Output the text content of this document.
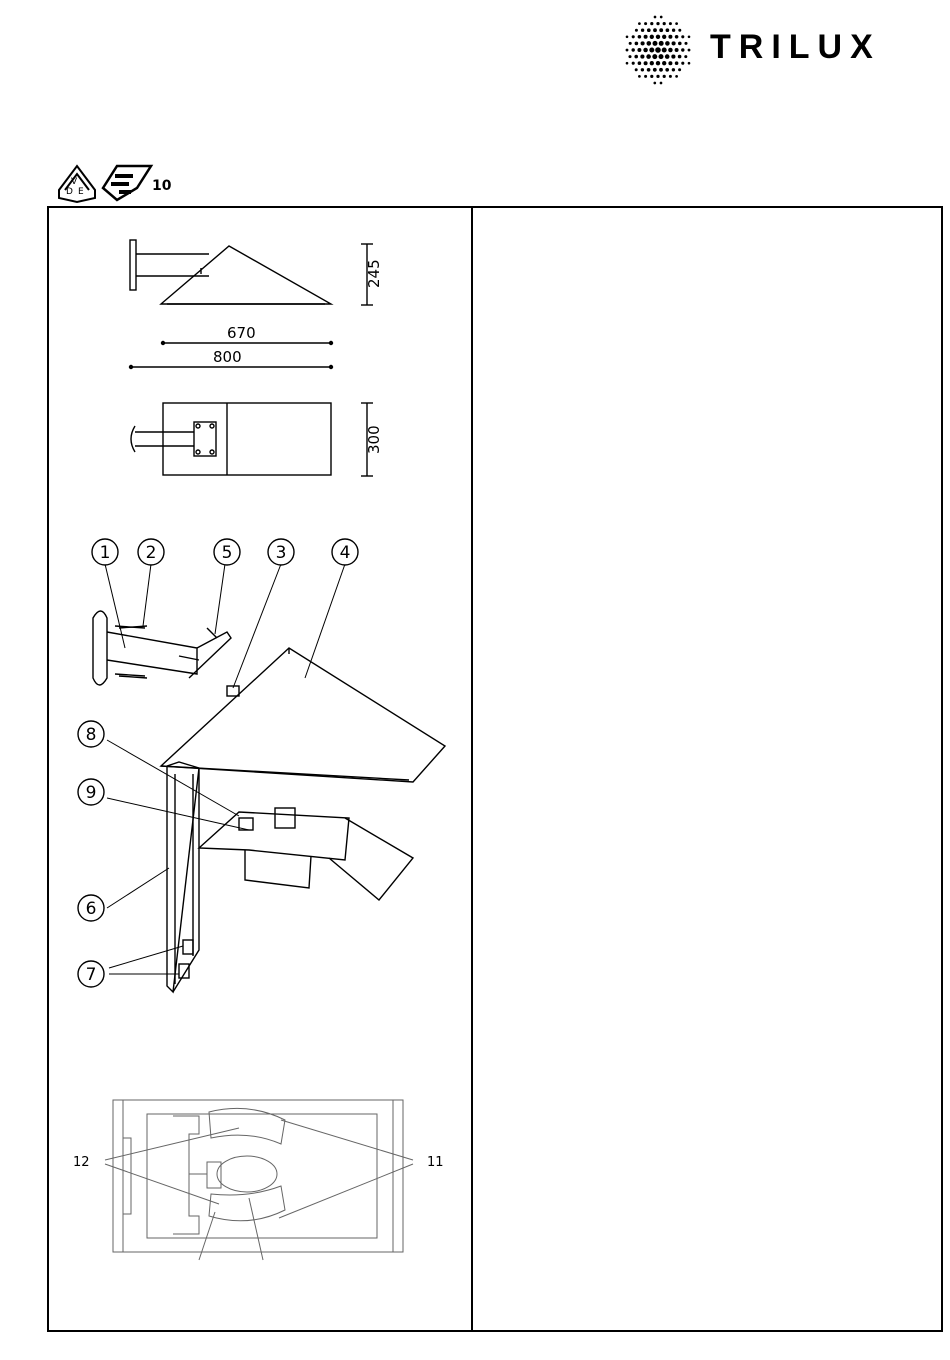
TRILUX
V
D E	10
1 2	5	3	4
8
9
6
7
245
670
800
300
12	11
